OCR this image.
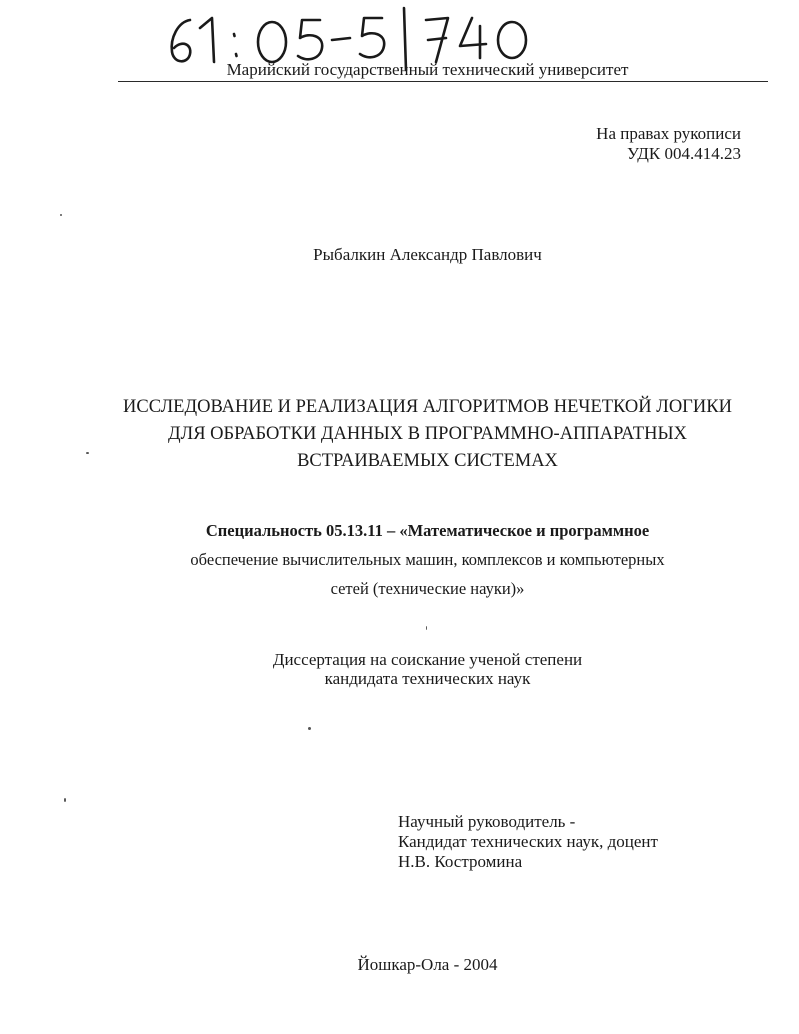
Марийский государственный технический университет
На правах рукописи
УДК 004.414.23
Рыбалкин Александр Павлович
ИССЛЕДОВАНИЕ И РЕАЛИЗАЦИЯ АЛГОРИТМОВ НЕЧЕТКОЙ ЛОГИКИ
ДЛЯ ОБРАБОТКИ ДАННЫХ В ПРОГРАММНО-АППАРАТНЫХ
ВСТРАИВАЕМЫХ СИСТЕМАХ
Специальность 05.13.11 – «Математическое и программное
обеспечение вычислительных машин, комплексов и компьютерных
сетей (технические науки)»
Диссертация на соискание ученой степени
кандидата технических наук
Научный руководитель -
Кандидат технических наук, доцент
Н.В. Костромина
Йошкар-Ола - 2004
